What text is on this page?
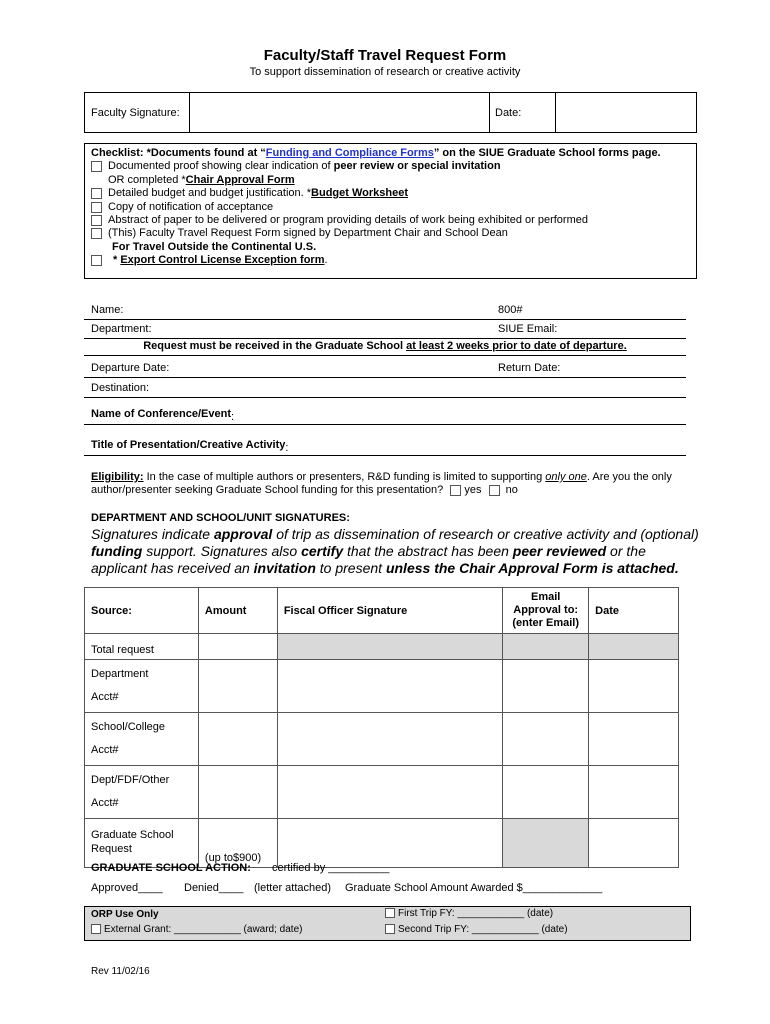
Faculty/Staff Travel Request Form
To support dissemination of research or creative activity
Faculty Signature:	Date:
Checklist: *Documents found at “Funding and Compliance Forms” on the SIUE Graduate School forms page.
Documented proof showing clear indication of peer review or special invitation
OR completed *Chair Approval Form
Detailed budget and budget justification. *Budget Worksheet
Copy of notification of acceptance
Abstract of paper to be delivered or program providing details of work being exhibited or performed
(This) Faculty Travel Request Form signed by Department Chair and School Dean
For Travel Outside the Continental U.S.
* Export Control License Exception form.
Name:	800#
Department:	SIUE Email:
Request must be received in the Graduate School at least 2 weeks prior to date of departure.
Departure Date:	Return Date:
Destination:
Name of Conference/Event :
Title of Presentation/Creative Activity :
Eligibility: In the case of multiple authors or presenters, R&D funding is limited to supporting only one. Are you the only
author/presenter seeking Graduate School funding for this presentation? yes no
DEPARTMENT AND SCHOOL/UNIT SIGNATURES:
Signatures indicate approval of trip as dissemination of research or creative activity and (optional) funding support. Signatures also certify that the abstract has been peer reviewed or the applicant has received an invitation to present unless the Chair Approval Form is attached.
Source:	Amount	Fiscal Officer Signature	Email Approval to: (enter Email)	Date
Total request				
Department
Acct#				
School/College
Acct#				
Dept/FDF/Other
Acct#				
Graduate School Request	(up to$900)			
GRADUATE SCHOOL ACTION: certified by __________
Approved____ Denied____ (letter attached) Graduate School Amount Awarded $_____________
ORP Use Only
External Grant: ____________ (award; date)
First Trip FY: ____________ (date)
Second Trip FY: ____________ (date)
Rev 11/02/16
